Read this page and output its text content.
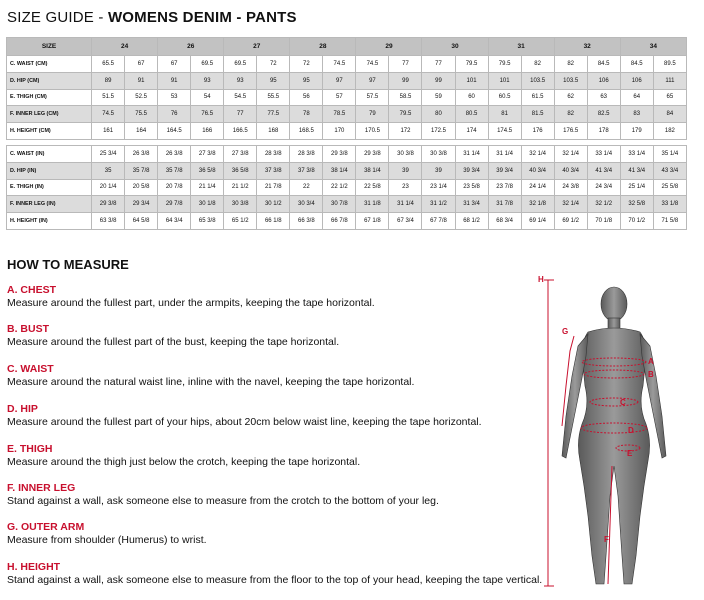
SIZE GUIDE - WOMENS DENIM - PANTS
SIZE	24		26		27		28		29		30		31		32		34	
C. WAIST (CM)	65.5	67	67	69.5	69.5	72	72	74.5	74.5	77	77	79.5	79.5	82	82	84.5	84.5	89.5
D. HIP (CM)	89	91	91	93	93	95	95	97	97	99	99	101	101	103.5	103.5	106	106	111
E. THIGH (CM)	51.5	52.5	53	54	54.5	55.5	56	57	57.5	58.5	59	60	60.5	61.5	62	63	64	65
F. INNER LEG (CM)	74.5	75.5	76	76.5	77	77.5	78	78.5	79	79.5	80	80.5	81	81.5	82	82.5	83	84
H. HEIGHT (CM)	161	164	164.5	166	166.5	168	168.5	170	170.5	172	172.5	174	174.5	176	176.5	178	179	182

C. WAIST (IN)	25 3/4	26 3/8	26 3/8	27 3/8	27 3/8	28 3/8	28 3/8	29 3/8	29 3/8	30 3/8	30 3/8	31 1/4	31 1/4	32 1/4	32 1/4	33 1/4	33 1/4	35 1/4
D. HIP (IN)	35	35 7/8	35 7/8	36 5/8	36 5/8	37 3/8	37 3/8	38 1/4	38 1/4	39	39	39 3/4	39 3/4	40 3/4	40 3/4	41 3/4	41 3/4	43 3/4
E. THIGH (IN)	20 1/4	20 5/8	20 7/8	21 1/4	21 1/2	21 7/8	22	22 1/2	22 5/8	23	23 1/4	23 5/8	23 7/8	24 1/4	24 3/8	24 3/4	25 1/4	25 5/8
F. INNER LEG (IN)	29 3/8	29 3/4	29 7/8	30 1/8	30 3/8	30 1/2	30 3/4	30 7/8	31 1/8	31 1/4	31 1/2	31 3/4	31 7/8	32 1/8	32 1/4	32 1/2	32 5/8	33 1/8
H. HEIGHT (IN)	63 3/8	64 5/8	64 3/4	65 3/8	65 1/2	66 1/8	66 3/8	66 7/8	67 1/8	67 3/4	67 7/8	68 1/2	68 3/4	69 1/4	69 1/2	70 1/8	70 1/2	71 5/8
HOW TO MEASURE
A. CHEST
Measure around the fullest part, under the armpits, keeping the tape horizontal.
B. BUST
Measure around the fullest part of the bust, keeping the tape horizontal.
C. WAIST
Measure around the natural waist line, inline with the navel, keeping the tape horizontal.
D. HIP
Measure around the fullest part of your hips, about 20cm below waist line, keeping the tape horizontal.
E. THIGH
Measure around the thigh just below the crotch, keeping the tape horizontal.
F. INNER LEG
Stand against a wall, ask someone else to measure from the crotch to the bottom of your leg.
G. OUTER ARM
Measure from shoulder (Humerus) to wrist.
H. HEIGHT
Stand against a wall, ask someone else to measure from the floor to the top of your head, keeping the tape vertical.
H
G
A
B
C
D
E
F
